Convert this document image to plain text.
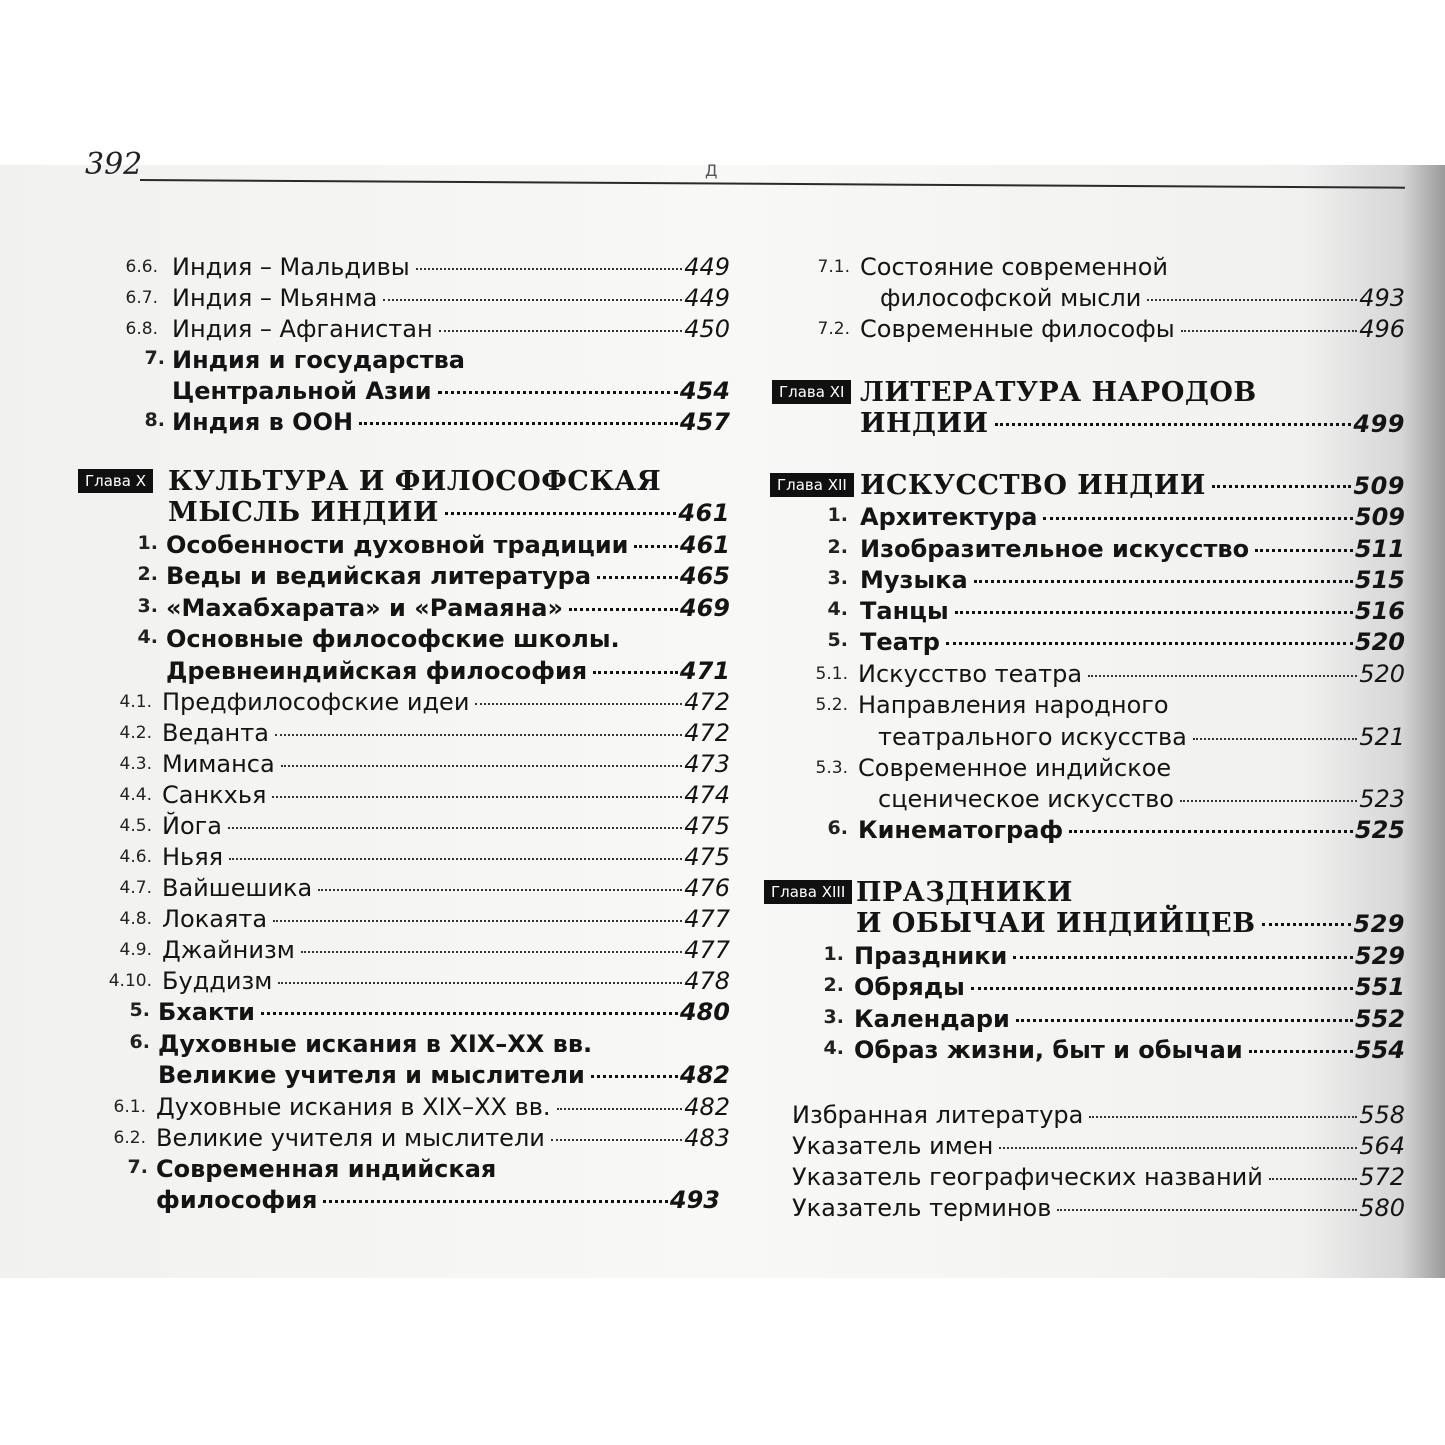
392	Д
6.6. Индия – Мальдивы	449
6.7. Индия – Мьянма	449
6.8. Индия – Афганистан	450
7. Индия и государства
Центральной Азии	454
8. Индия в ООН	457
Глава X КУЛЬТУРА И ФИЛОСОФСКАЯ
МЫСЛЬ ИНДИИ	461
1. Особенности духовной традиции 461
2. Веды и ведийская литература	465
3. «Махабхарата» и «Рамаяна»	469
4. Основные философские школы.
Древнеиндийская философия	471
4.1. Предфилософские идеи	472
4.2. Веданта	472
4.3. Миманса	473
4.4. Санкхья	474
4.5. Йога	475
4.6. Ньяя	475
4.7. Вайшешика	476
4.8. Локаята	477
4.9. Джайнизм	477
4.10. Буддизм	478
5. Бхакти	480
6. Духовные искания в XIX–XX вв.
Великие учителя и мыслители	482
6.1. Духовные искания в XIX–XX вв.	482
6.2. Великие учителя и мыслители	483
7. Современная индийская
философия	493
7.1. Состояние современной
философской мысли	493
7.2. Современные философы	496
Глава XI ЛИТЕРАТУРА НАРОДОВ
ИНДИИ	499
Глава XII ИСКУССТВО ИНДИИ	509
1. Архитектура	509
2. Изобразительное искусство	511
3. Музыка	515
4. Танцы	516
5. Театр	520
5.1. Искусство театра	520
5.2. Направления народного
театрального искусства	521
5.3. Современное индийское
сценическое искусство	523
6. Кинематограф	525
Глава XIII ПРАЗДНИКИ
И ОБЫЧАИ ИНДИЙЦЕВ	529
1. Праздники	529
2. Обряды	551
3. Календари	552
4. Образ жизни, быт и обычаи	554
Избранная литература	558
Указатель имен	564
Указатель географических названий	572
Указатель терминов	580
